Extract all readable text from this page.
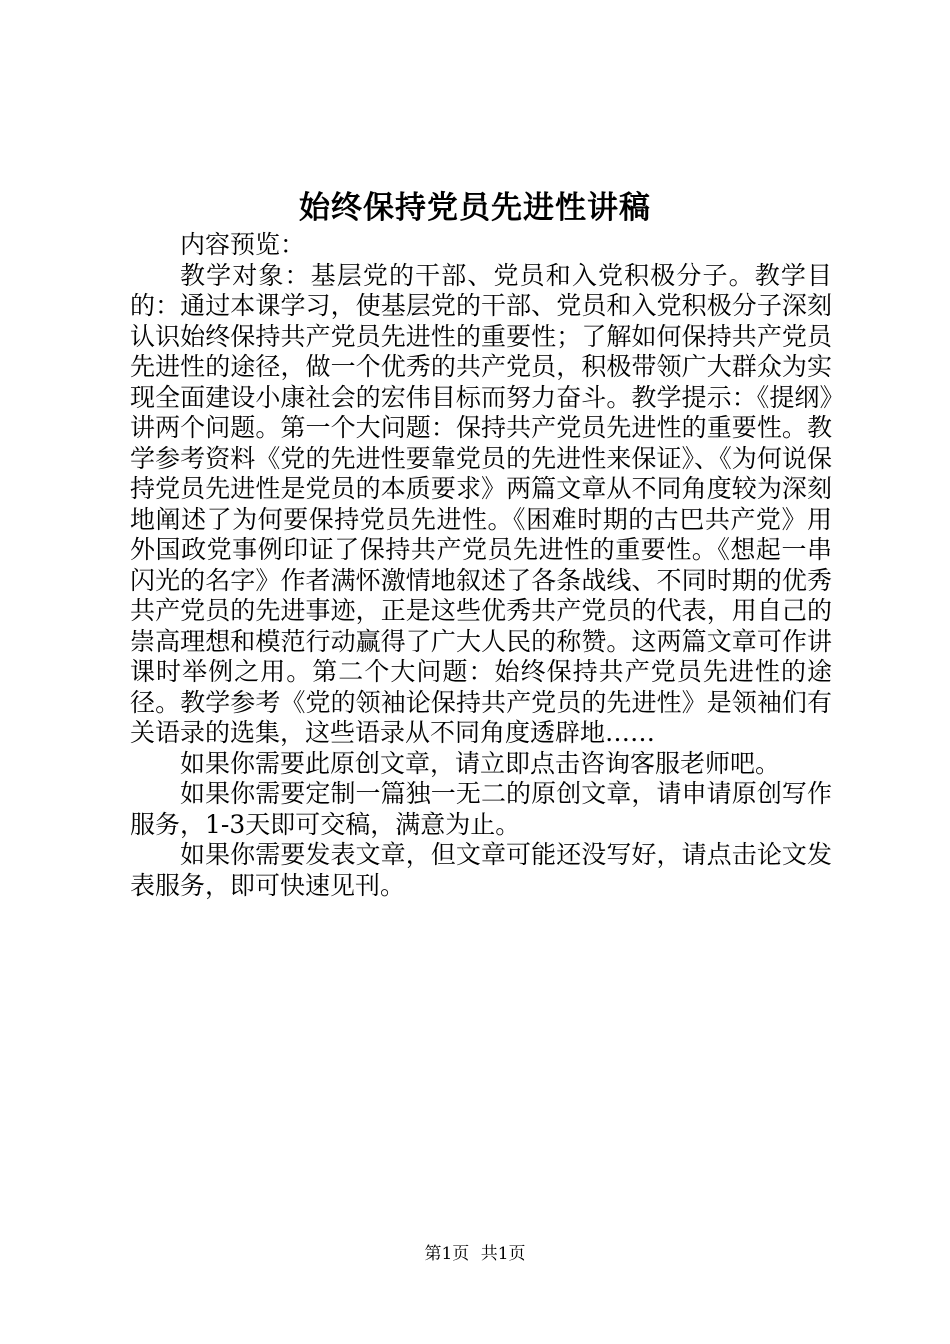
始终保持党员先进性讲稿

内容预览：

教学对象：基层党的干部、党员和入党积极分子。教学目的：通过本课学习，使基层党的干部、党员和入党积极分子深刻认识始终保持共产党员先进性的重要性；了解如何保持共产党员先进性的途径，做一个优秀的共产党员，积极带领广大群众为实现全面建设小康社会的宏伟目标而努力奋斗。教学提示：《提纲》讲两个问题。第一个大问题：保持共产党员先进性的重要性。教学参考资料《党的先进性要靠党员的先进性来保证》、《为何说保持党员先进性是党员的本质要求》两篇文章从不同角度较为深刻地阐述了为何要保持党员先进性。《困难时期的古巴共产党》用外国政党事例印证了保持共产党员先进性的重要性。《想起一串闪光的名字》作者满怀激情地叙述了各条战线、不同时期的优秀共产党员的先进事迹，正是这些优秀共产党员的代表，用自己的崇高理想和模范行动赢得了广大人民的称赞。这两篇文章可作讲课时举例之用。第二个大问题：始终保持共产党员先进性的途径。教学参考《党的领袖论保持共产党员的先进性》是领袖们有关语录的选集，这些语录从不同角度透辟地……

如果你需要此原创文章，请立即点击咨询客服老师吧。

如果你需要定制一篇独一无二的原创文章，请申请原创写作服务，1-3天即可交稿，满意为止。

如果你需要发表文章，但文章可能还没写好，请点击论文发表服务，即可快速见刊。

第1页 共1页
